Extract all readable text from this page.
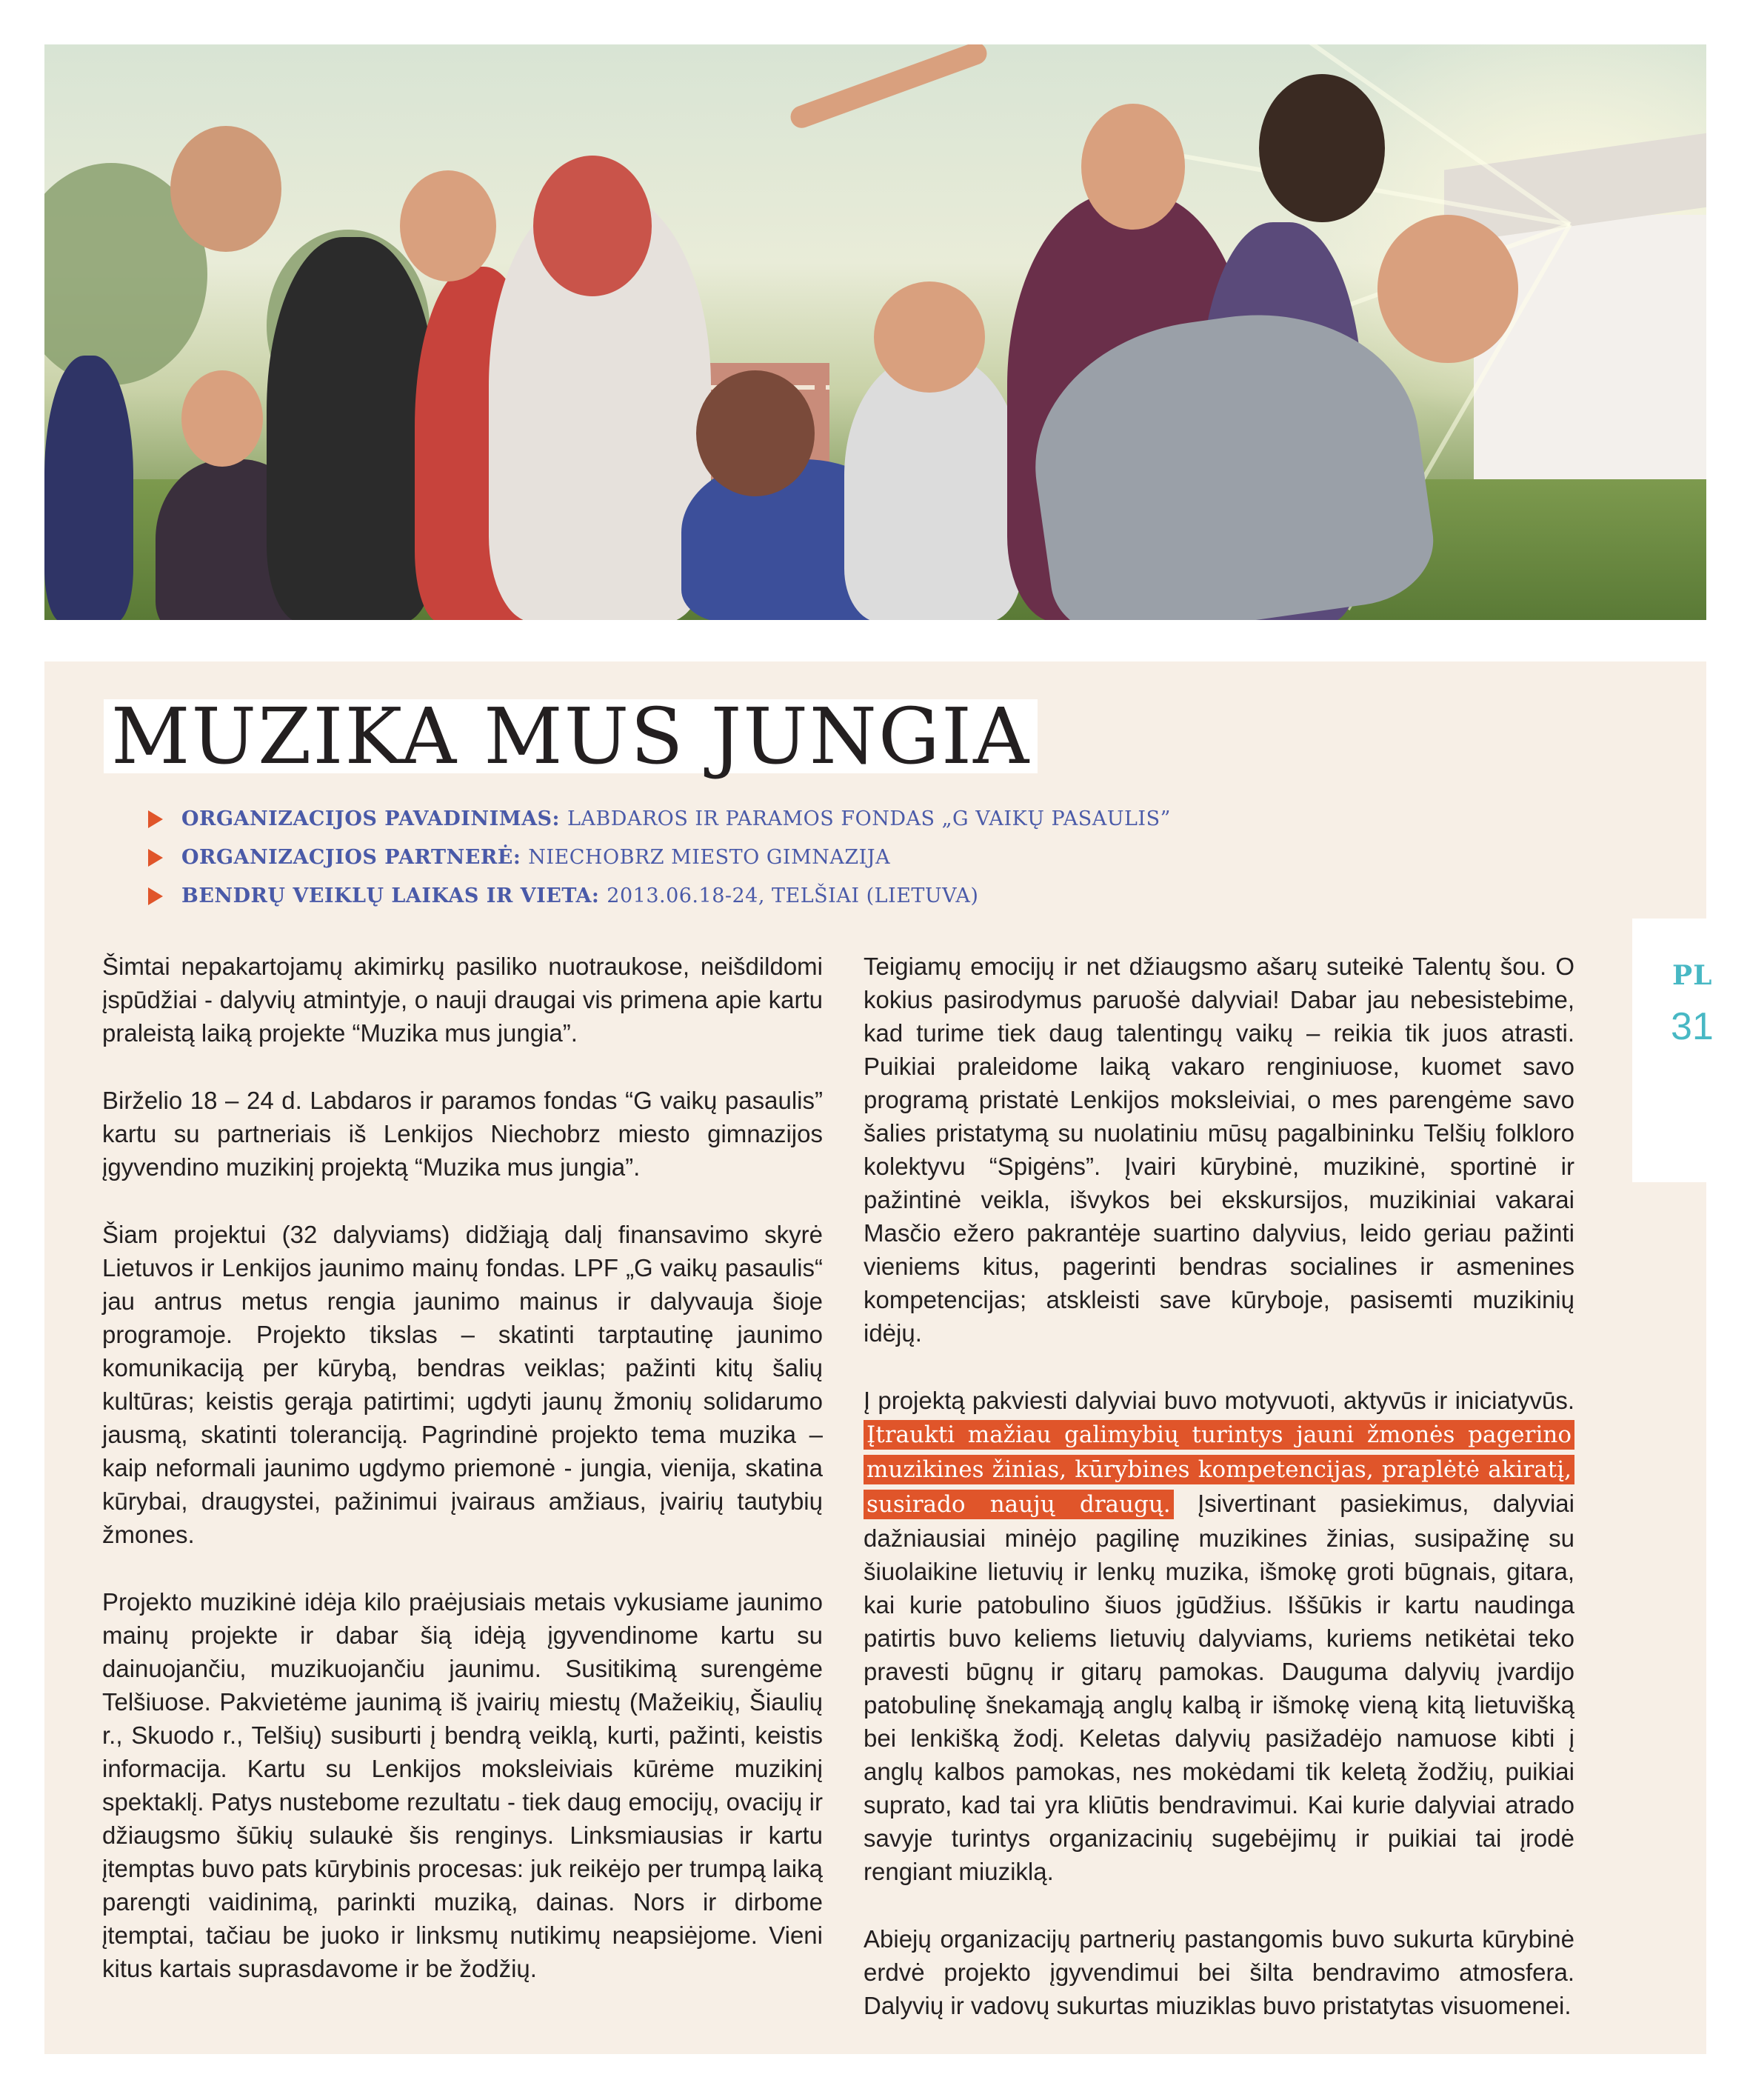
MUZIKA MUS JUNGIA
ORGANIZACIJOS PAVADINIMAS: LABDAROS IR PARAMOS FONDAS „G VAIKŲ PASAULIS”
ORGANIZACJIOS PARTNERĖ: NIECHOBRZ MIESTO GIMNAZIJA
BENDRŲ VEIKLŲ LAIKAS IR VIETA: 2013.06.18-24, TELŠIAI (LIETUVA)

Šimtai nepakartojamų akimirkų pasiliko nuotraukose, neišdildomi įspūdžiai - dalyvių atmintyje, o nauji draugai vis primena apie kartu praleistą laiką projekte “Muzika mus jungia”.

Birželio 18 – 24 d. Labdaros ir paramos fondas “G vaikų pasaulis” kartu su partneriais iš Lenkijos Niechobrz miesto gimnazijos įgyvendino muzikinį projektą “Muzika mus jungia”.

Šiam projektui (32 dalyviams) didžiąją dalį finansavimo skyrė Lietuvos ir Lenkijos jaunimo mainų fondas. LPF „G vaikų pasaulis“ jau antrus metus rengia jaunimo mainus ir dalyvauja šioje programoje. Projekto tikslas – skatinti tarptautinę jaunimo komunikaciją per kūrybą, bendras veiklas; pažinti kitų šalių kultūras; keistis gerąja patirtimi; ugdyti jaunų žmonių solidarumo jausmą, skatinti toleranciją. Pagrindinė projekto tema muzika – kaip neformali jaunimo ugdymo priemonė - jungia, vienija, skatina kūrybai, draugystei, pažinimui įvairaus amžiaus, įvairių tautybių žmones.

Projekto muzikinė idėja kilo praėjusiais metais vykusiame jaunimo mainų projekte ir dabar šią idėją įgyvendinome kartu su dainuojančiu, muzikuojančiu jaunimu. Susitikimą surengėme Telšiuose. Pakvietėme jaunimą iš įvairių miestų (Mažeikių, Šiaulių r., Skuodo r., Telšių) susiburti į bendrą veiklą, kurti, pažinti, keistis informacija. Kartu su Lenkijos moksleiviais kūrėme muzikinį spektaklį. Patys nustebome rezultatu - tiek daug emocijų, ovacijų ir džiaugsmo šūkių sulaukė šis renginys. Linksmiausias ir kartu įtemptas buvo pats kūrybinis procesas: juk reikėjo per trumpą laiką parengti vaidinimą, parinkti muziką, dainas. Nors ir dirbome įtemptai, tačiau be juoko ir linksmų nutikimų neapsiėjome. Vieni kitus kartais suprasdavome ir be žodžių.

Teigiamų emocijų ir net džiaugsmo ašarų suteikė Talentų šou. O kokius pasirodymus paruošė dalyviai! Dabar jau nebesistebime, kad turime tiek daug talentingų vaikų – reikia tik juos atrasti. Puikiai praleidome laiką vakaro renginiuose, kuomet savo programą pristatė Lenkijos moksleiviai, o mes parengėme savo šalies pristatymą su nuolatiniu mūsų pagalbininku Telšių folkloro kolektyvu “Spigėns”. Įvairi kūrybinė, muzikinė, sportinė ir pažintinė veikla, išvykos bei ekskursijos, muzikiniai vakarai Masčio ežero pakrantėje suartino dalyvius, leido geriau pažinti vieniems kitus, pagerinti bendras socialines ir asmenines kompetencijas; atskleisti save kūryboje, pasisemti muzikinių idėjų.

Į projektą pakviesti dalyviai buvo motyvuoti, aktyvūs ir iniciatyvūs. Įtraukti mažiau galimybių turintys jauni žmonės pagerino muzikines žinias, kūrybines kompetencijas, praplėtė akiratį, susirado naujų draugų. Įsivertinant pasiekimus, dalyviai dažniausiai minėjo pagilinę muzikines žinias, susipažinę su šiuolaikine lietuvių ir lenkų muzika, išmokę groti būgnais, gitara, kai kurie patobulino šiuos įgūdžius. Iššūkis ir kartu naudinga patirtis buvo keliems lietuvių dalyviams, kuriems netikėtai teko pravesti būgnų ir gitarų pamokas. Dauguma dalyvių įvardijo patobulinę šnekamąją anglų kalbą ir išmokę vieną kitą lietuvišką bei lenkišką žodį. Keletas dalyvių pasižadėjo namuose kibti į anglų kalbos pamokas, nes mokėdami tik keletą žodžių, puikiai suprato, kad tai yra kliūtis bendravimui. Kai kurie dalyviai atrado savyje turintys organizacinių sugebėjimų ir puikiai tai įrodė rengiant miuziklą.

Abiejų organizacijų partnerių pastangomis buvo sukurta kūrybinė erdvė projekto įgyvendimui bei šilta bendravimo atmosfera. Dalyvių ir vadovų sukurtas miuziklas buvo pristatytas visuomenei.

PL
31
